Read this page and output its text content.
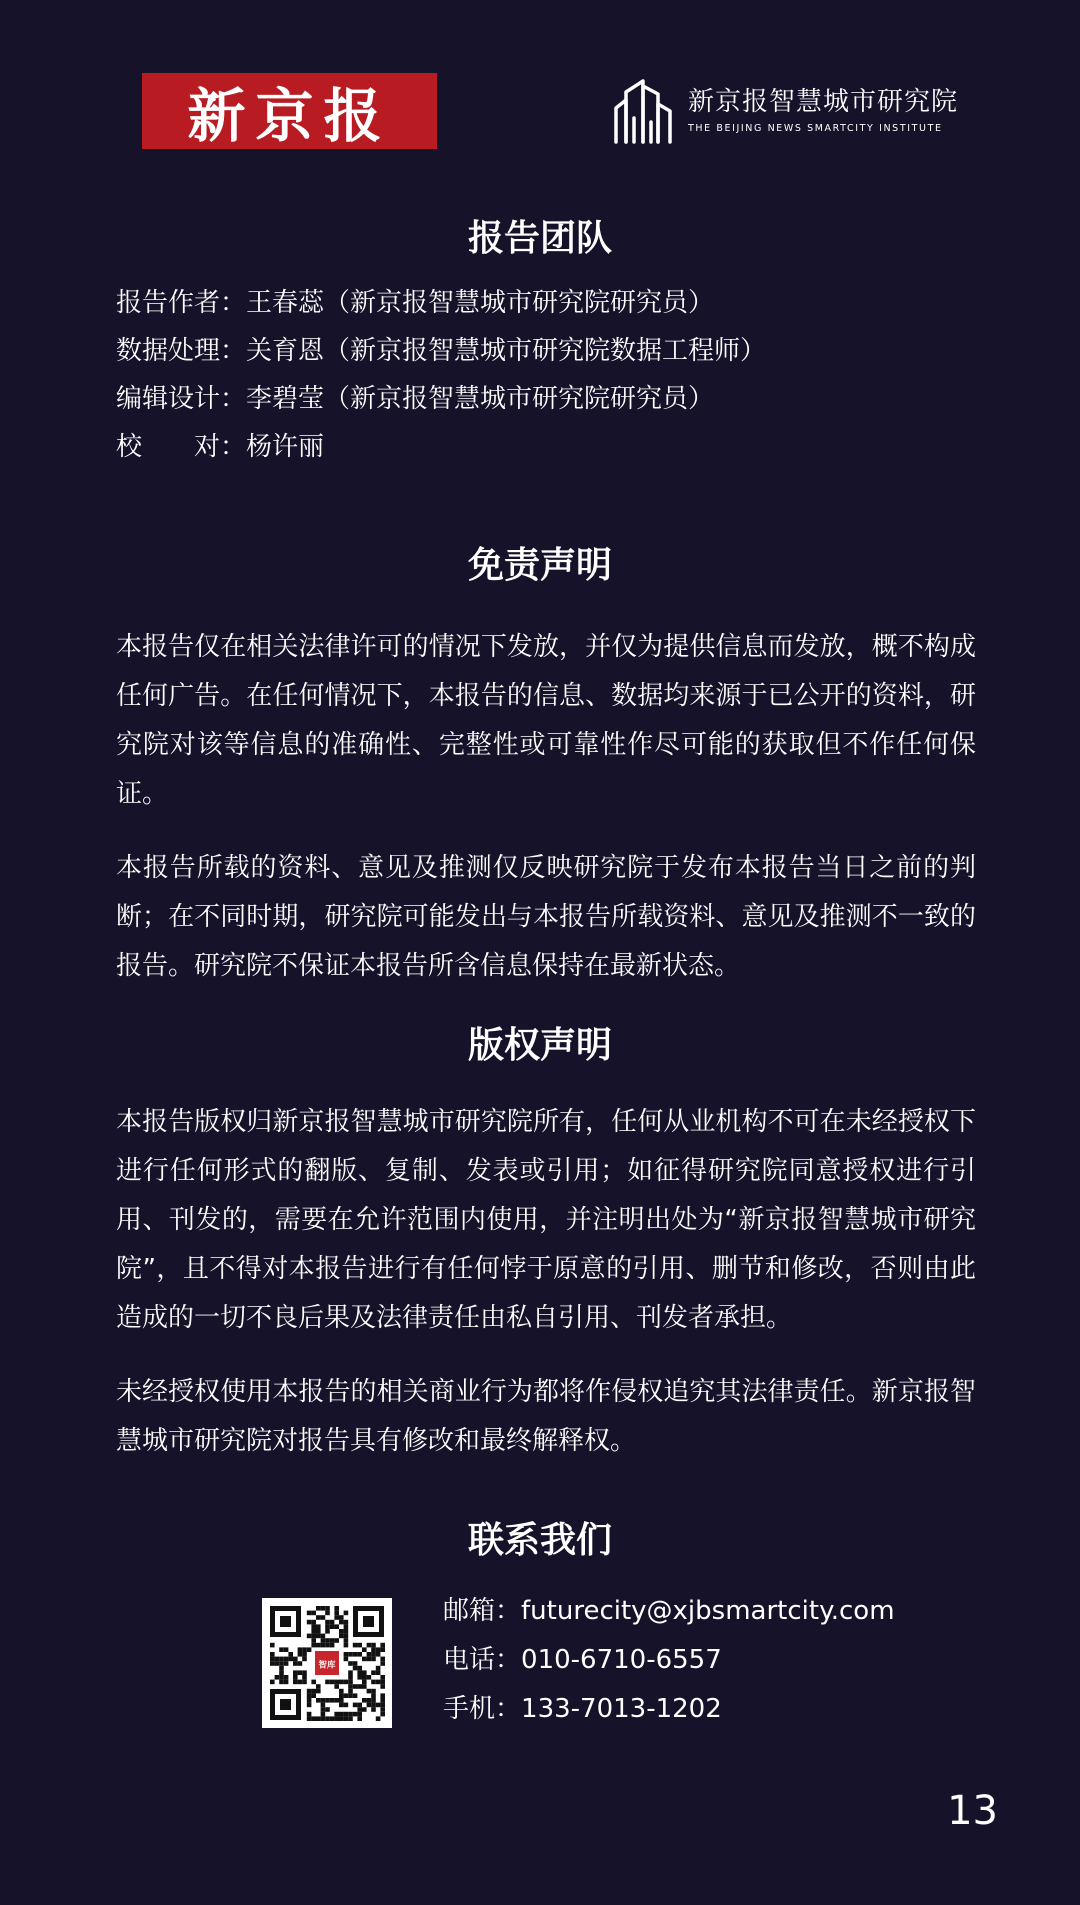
新京报	新京报智慧城市研究院
THE BEIJING NEWS SMARTCITY INSTITUTE
报告团队
报告作者：王春蕊（新京报智慧城市研究院研究员）
数据处理：关育恩（新京报智慧城市研究院数据工程师）
编辑设计：李碧莹（新京报智慧城市研究院研究员）
校　　对：杨许丽
免责声明

本报告仅在相关法律许可的情况下发放，并仅为提供信息而发放，概不构成任何广告。在任何情况下，本报告的信息、数据均来源于已公开的资料，研究院对该等信息的准确性、完整性或可靠性作尽可能的获取但不作任何保证。

本报告所载的资料、意见及推测仅反映研究院于发布本报告当日之前的判断；在不同时期，研究院可能发出与本报告所载资料、意见及推测不一致的报告。研究院不保证本报告所含信息保持在最新状态。

版权声明

本报告版权归新京报智慧城市研究院所有，任何从业机构不可在未经授权下进行任何形式的翻版、复制、发表或引用；如征得研究院同意授权进行引用、刊发的，需要在允许范围内使用，并注明出处为“新京报智慧城市研究院”，且不得对本报告进行有任何悖于原意的引用、删节和修改，否则由此造成的一切不良后果及法律责任由私自引用、刊发者承担。

未经授权使用本报告的相关商业行为都将作侵权追究其法律责任。新京报智慧城市研究院对报告具有修改和最终解释权。

联系我们
智库
邮箱：futurecity@xjbsmartcity.com
电话：010-6710-6557
手机：133-7013-1202
13
